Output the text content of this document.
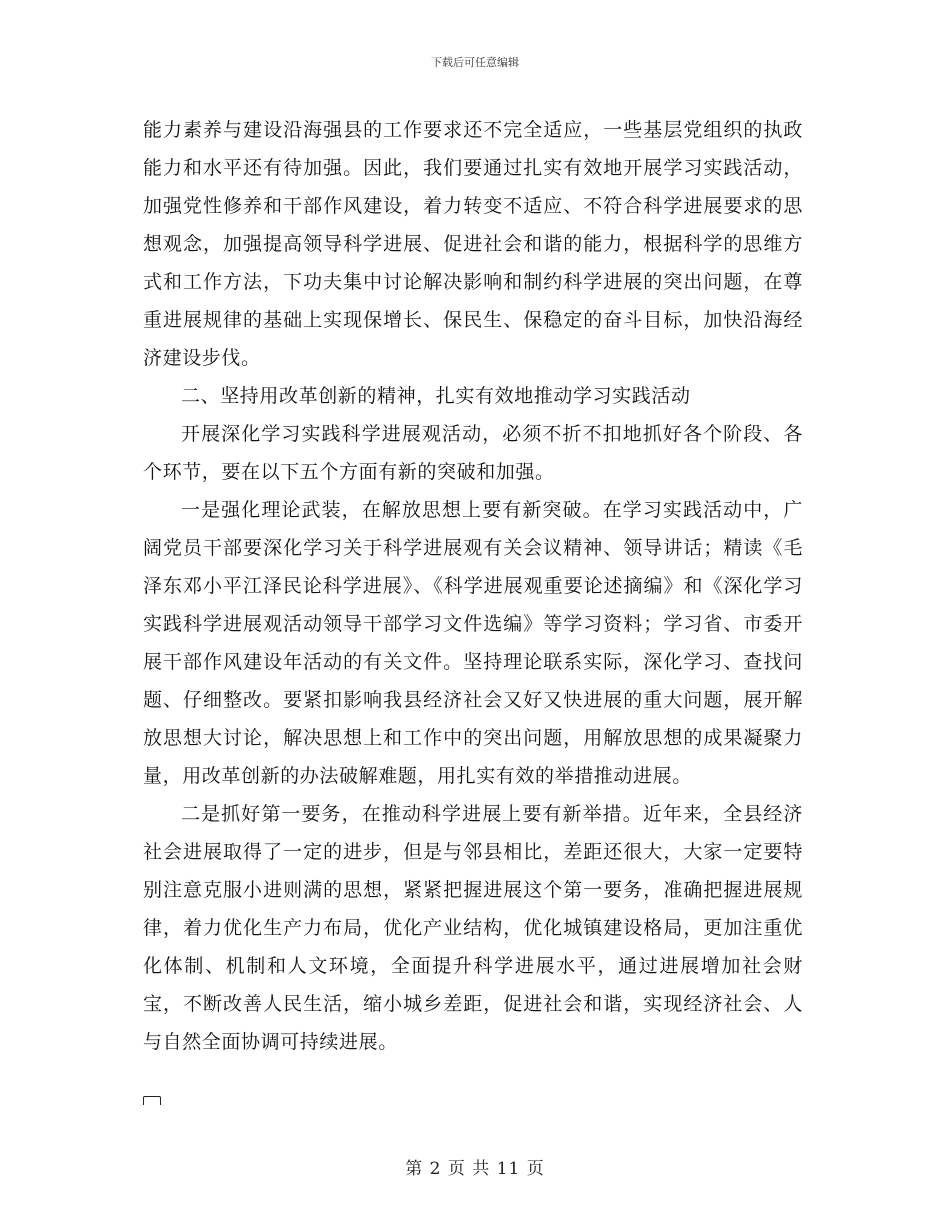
下载后可任意编辑

能力素养与建设沿海强县的工作要求还不完全适应，一些基层党组织的执政能力和水平还有待加强。因此，我们要通过扎实有效地开展学习实践活动，加强党性修养和干部作风建设，着力转变不适应、不符合科学进展要求的思想观念，加强提高领导科学进展、促进社会和谐的能力，根据科学的思维方式和工作方法，下功夫集中讨论解决影响和制约科学进展的突出问题，在尊重进展规律的基础上实现保增长、保民生、保稳定的奋斗目标，加快沿海经济建设步伐。

二、坚持用改革创新的精神，扎实有效地推动学习实践活动

开展深化学习实践科学进展观活动，必须不折不扣地抓好各个阶段、各个环节，要在以下五个方面有新的突破和加强。

一是强化理论武装，在解放思想上要有新突破。在学习实践活动中，广阔党员干部要深化学习关于科学进展观有关会议精神、领导讲话；精读《毛泽东邓小平江泽民论科学进展》、《科学进展观重要论述摘编》和《深化学习实践科学进展观活动领导干部学习文件选编》等学习资料；学习省、市委开展干部作风建设年活动的有关文件。坚持理论联系实际，深化学习、查找问题、仔细整改。要紧扣影响我县经济社会又好又快进展的重大问题，展开解放思想大讨论，解决思想上和工作中的突出问题，用解放思想的成果凝聚力量，用改革创新的办法破解难题，用扎实有效的举措推动进展。

二是抓好第一要务，在推动科学进展上要有新举措。近年来，全县经济社会进展取得了一定的进步，但是与邻县相比，差距还很大，大家一定要特别注意克服小进则满的思想，紧紧把握进展这个第一要务，准确把握进展规律，着力优化生产力布局，优化产业结构，优化城镇建设格局，更加注重优化体制、机制和人文环境，全面提升科学进展水平，通过进展增加社会财宝，不断改善人民生活，缩小城乡差距，促进社会和谐，实现经济社会、人与自然全面协调可持续进展。

第 2 页 共 11 页
